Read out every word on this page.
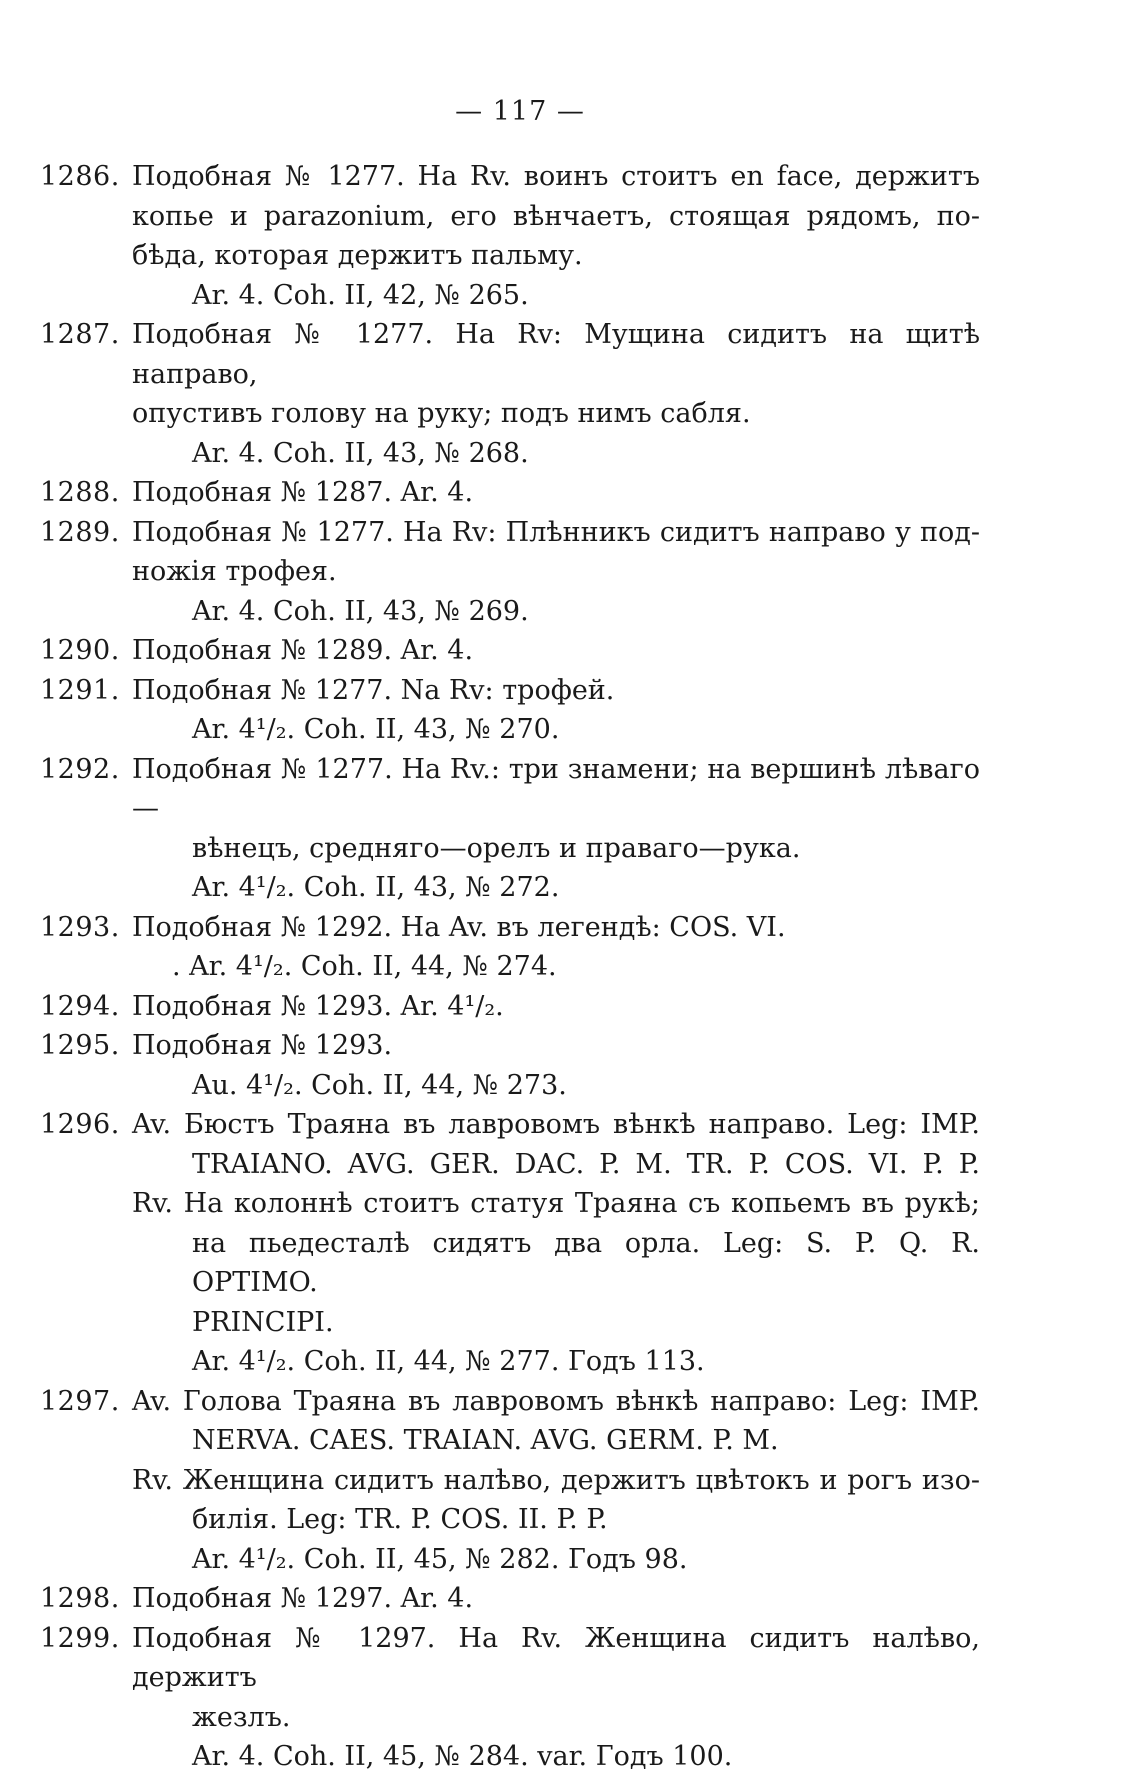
— 117 —
1286. Подобная № 1277. На Rv. воинъ стоитъ en face, держитъ
копье и parazonium, его вѣнчаетъ, стоящая рядомъ, по-
бѣда, которая держитъ пальму.
Ar. 4. Coh. II, 42, № 265.
1287. Подобная № 1277. На Rv: Мущина сидитъ на щитѣ направо,
опустивъ голову на руку; подъ нимъ сабля.
Ar. 4. Coh. II, 43, № 268.
1288. Подобная № 1287. Ar. 4.
1289. Подобная № 1277. На Rv: Плѣнникъ сидитъ направо у под-
ножія трофея.
Ar. 4. Coh. II, 43, № 269.
1290. Подобная № 1289. Ar. 4.
1291. Подобная № 1277. Na Rv: трофей.
Ar. 4¹/₂. Coh. II, 43, № 270.
1292. Подобная № 1277. На Rv.: три знамени; на вершинѣ лѣваго—
вѣнецъ, средняго—орелъ и праваго—рука.
Ar. 4¹/₂. Coh. II, 43, № 272.
1293. Подобная № 1292. На Av. въ легендѣ: COS. VI.
. Ar. 4¹/₂. Coh. II, 44, № 274.
1294. Подобная № 1293. Ar. 4¹/₂.
1295. Подобная № 1293.
Au. 4¹/₂. Coh. II, 44, № 273.
1296. Av. Бюстъ Траяна въ лавровомъ вѣнкѣ направо. Leg: IMP.
TRAIANO. AVG. GER. DAC. P. M. TR. P. COS. VI. P. P.
Rv. На колоннѣ стоитъ статуя Траяна съ копьемъ въ рукѣ;
на пьедесталѣ сидятъ два орла. Leg: S. P. Q. R. OPTIMO.
PRINCIPI.
Ar. 4¹/₂. Coh. II, 44, № 277. Годъ 113.
1297. Av. Голова Траяна въ лавровомъ вѣнкѣ направо: Leg: IMP.
NERVA. CAES. TRAIAN. AVG. GERM. P. M.
Rv. Женщина сидитъ налѣво, держитъ цвѣтокъ и рогъ изо-
билія. Leg: TR. P. COS. II. P. P.
Ar. 4¹/₂. Coh. II, 45, № 282. Годъ 98.
1298. Подобная № 1297. Ar. 4.
1299. Подобная № 1297. На Rv. Женщина сидитъ налѣво, держитъ
жезлъ.
Ar. 4. Coh. II, 45, № 284. var. Годъ 100.
